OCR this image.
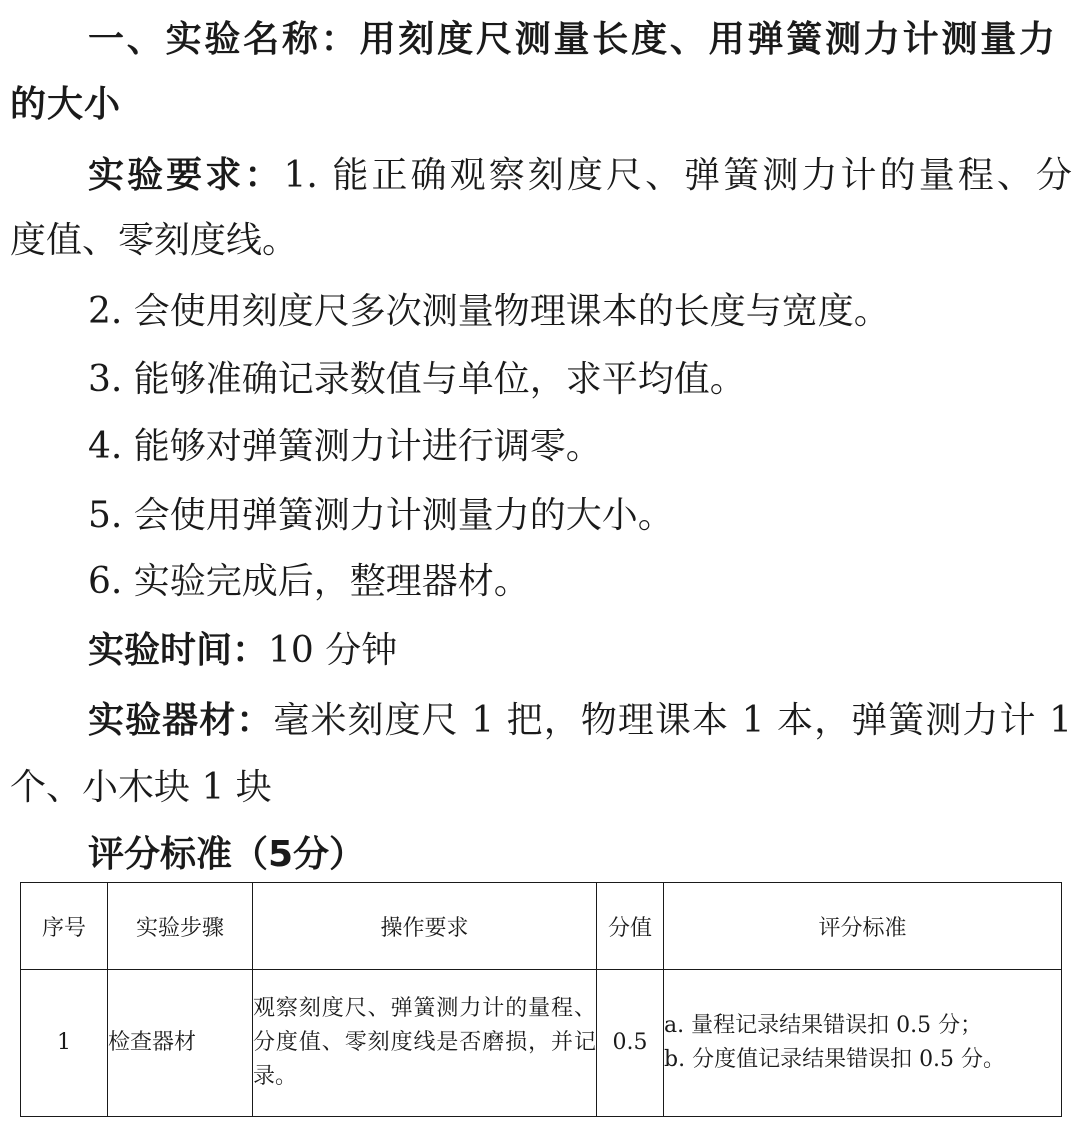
一、实验名称：用刻度尺测量长度、用弹簧测力计测量力
的大小
实验要求：1. 能正确观察刻度尺、弹簧测力计的量程、分
度值、零刻度线。
2. 会使用刻度尺多次测量物理课本的长度与宽度。
3. 能够准确记录数值与单位，求平均值。
4. 能够对弹簧测力计进行调零。
5. 会使用弹簧测力计测量力的大小。
6. 实验完成后，整理器材。
实验时间：10 分钟
实验器材：毫米刻度尺 1 把，物理课本 1 本，弹簧测力计 1
个、小木块 1 块
评分标准（5分）
序号	实验步骤	操作要求	分值	评分标准
1	检查器材	观察刻度尺、弹簧测力计的量程、分度值、零刻度线是否磨损，并记录。	0.5	a. 量程记录结果错误扣 0.5 分；
b. 分度值记录结果错误扣 0.5 分。
